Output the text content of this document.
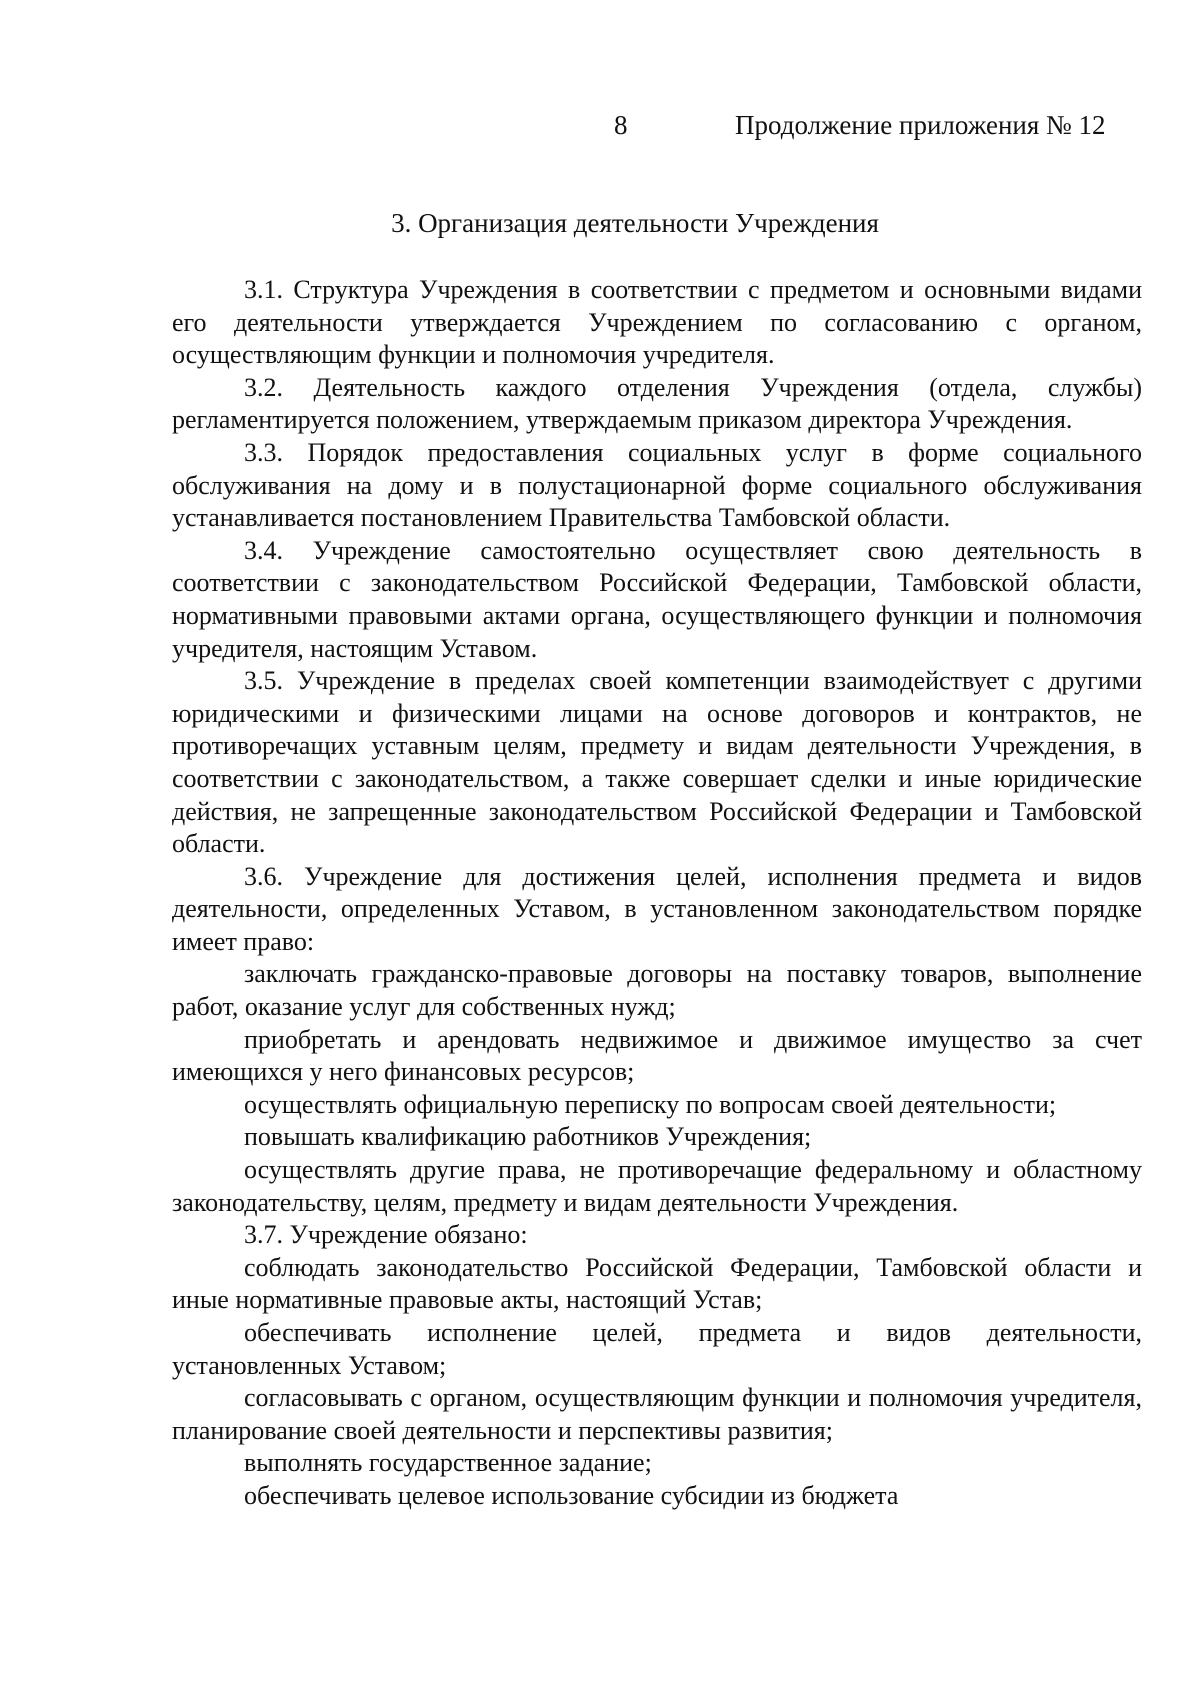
8	Продолжение приложения № 12
3. Организация деятельности Учреждения

3.1. Структура Учреждения в соответствии с предметом и основными видами его деятельности утверждается Учреждением по согласованию с органом, осуществляющим функции и полномочия учредителя.

3.2. Деятельность каждого отделения Учреждения (отдела, службы) регламентируется положением, утверждаемым приказом директора Учреждения.

3.3. Порядок предоставления социальных услуг в форме социального обслуживания на дому и в полустационарной форме социального обслуживания устанавливается постановлением Правительства Тамбовской области.

3.4. Учреждение самостоятельно осуществляет свою деятельность в соответствии с законодательством Российской Федерации, Тамбовской области, нормативными правовыми актами органа, осуществляющего функции и полномочия учредителя, настоящим Уставом.

3.5. Учреждение в пределах своей компетенции взаимодействует с другими юридическими и физическими лицами на основе договоров и контрактов, не противоречащих уставным целям, предмету и видам деятельности Учреждения, в соответствии с законодательством, а также совершает сделки и иные юридические действия, не запрещенные законодательством Российской Федерации и Тамбовской области.

3.6. Учреждение для достижения целей, исполнения предмета и видов деятельности, определенных Уставом, в установленном законодательством порядке имеет право:

заключать гражданско-правовые договоры на поставку товаров, выполнение работ, оказание услуг для собственных нужд;

приобретать и арендовать недвижимое и движимое имущество за счет имеющихся у него финансовых ресурсов;

осуществлять официальную переписку по вопросам своей деятельности;

повышать квалификацию работников Учреждения;

осуществлять другие права, не противоречащие федеральному и областному законодательству, целям, предмету и видам деятельности Учреждения.

3.7. Учреждение обязано:

соблюдать законодательство Российской Федерации, Тамбовской области и иные нормативные правовые акты, настоящий Устав;

обеспечивать исполнение целей, предмета и видов деятельности, установленных Уставом;

согласовывать с органом, осуществляющим функции и полномочия учредителя, планирование своей деятельности и перспективы развития;

выполнять государственное задание;

обеспечивать целевое использование субсидии из бюджета
